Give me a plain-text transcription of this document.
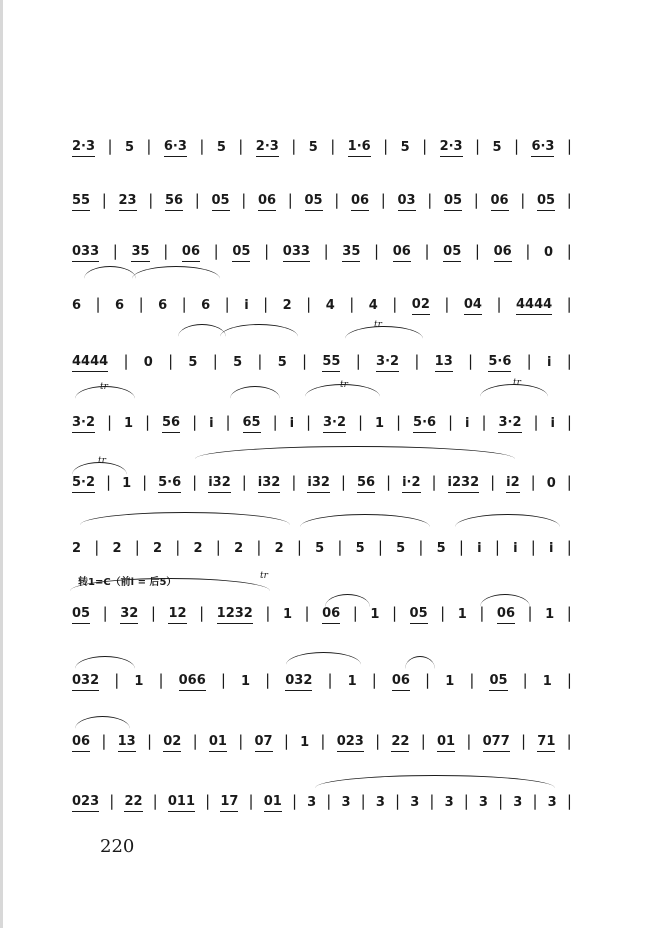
2·3 | 5 | 6·3 | 5 | 2·3 | 5 | 1·6 | 5 | 2·3 | 5 | 6·3 |
55 | 23 | 56 | 05 | 06 | 05 | 06 | 03 | 05 | 06 | 05 |
033 | 35 | 06 | 05 | 033 | 35 | 06 | 05 | 06 | 0 |
6 | 6 | 6 | 6 | i | 2 | 4 | 4 | 02 | 04 | 4444 |
4444 | 0 | 5 | 5 | 5 | 55 | 3·2 | 13 | 5·6 | i |
3·2 | 1 | 56 | i | 65 | i | 3·2 | 1 | 5·6 | i | 3·2 | i |
5·2 | 1 | 5·6 | i32 | i32 | i32 | 56 | i·2 | i232 | i2 | 0 |
2 | 2 | 2 | 2 | 2 | 2 | 5 | 5 | 5 | 5 | i | i | i |
05 | 32 | 12 | 1232 | 1 | 06 | 1 | 05 | 1 | 06 | 1 |
032 | 1 | 066 | 1 | 032 | 1 | 06 | 1 | 05 | 1 |
06 | 13 | 02 | 01 | 07 | 1 | 023 | 22 | 01 | 077 | 71 |
023 | 22 | 011 | 17 | 01 | 3 | 3 | 3 | 3 | 3 | 3 | 3 | 3 |
tr
tr	tr	tr
tr
tr
转1=C（前i = 后5）
220
